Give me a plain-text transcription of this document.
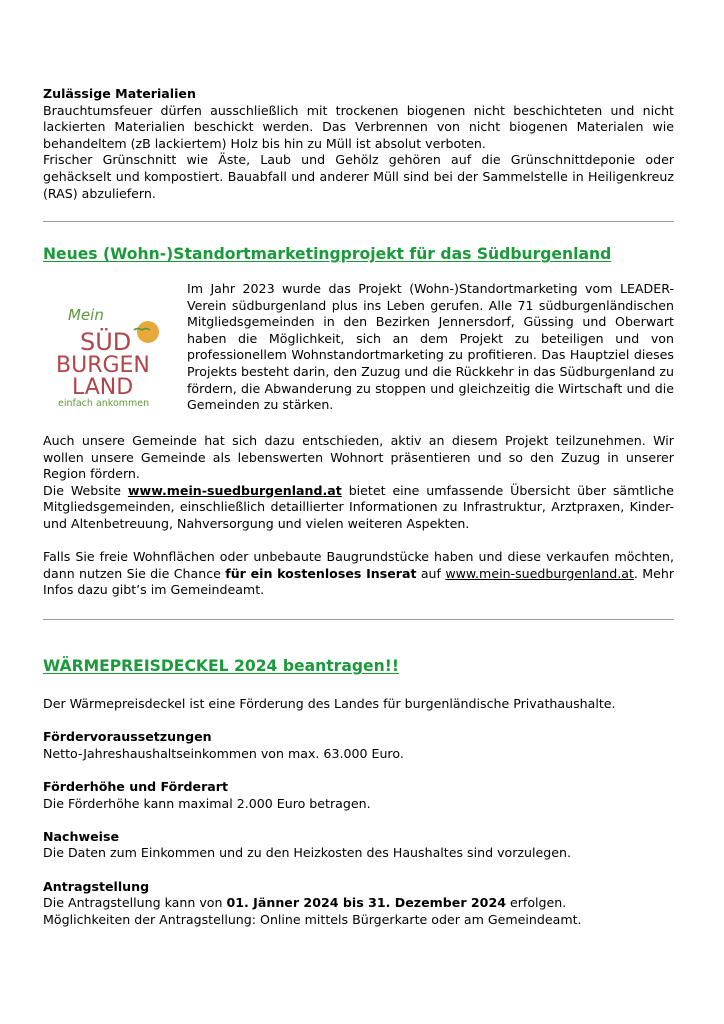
Zulässige Materialien

Brauchtumsfeuer dürfen ausschließlich mit trockenen biogenen nicht beschichteten und nicht lackierten Materialien beschickt werden. Das Verbrennen von nicht biogenen Materialen wie behandeltem (zB lackiertem) Holz bis hin zu Müll ist absolut verboten.

Frischer Grünschnitt wie Äste, Laub und Gehölz gehören auf die Grünschnittdeponie oder gehäckselt und kompostiert. Bauabfall und anderer Müll sind bei der Sammelstelle in Heiligenkreuz (RAS) abzuliefern.

Neues (Wohn-)Standortmarketingprojekt für das Südburgenland
Mein
SÜD
BURGEN
LAND
einfach ankommen

Im Jahr 2023 wurde das Projekt (Wohn-)Standortmarketing vom LEADER-Verein südburgenland plus ins Leben gerufen. Alle 71 südburgenländischen Mitgliedsgemeinden in den Bezirken Jennersdorf, Güssing und Oberwart haben die Möglichkeit, sich an dem Projekt zu beteiligen und von professionellem Wohnstandortmarketing zu profitieren. Das Hauptziel dieses Projekts besteht darin, den Zuzug und die Rückkehr in das Südburgenland zu fördern, die Abwanderung zu stoppen und gleichzeitig die Wirtschaft und die Gemeinden zu stärken.

Auch unsere Gemeinde hat sich dazu entschieden, aktiv an diesem Projekt teilzunehmen. Wir wollen unsere Gemeinde als lebenswerten Wohnort präsentieren und so den Zuzug in unserer Region fördern.

Die Website www.mein-suedburgenland.at bietet eine umfassende Übersicht über sämtliche Mitgliedsgemeinden, einschließlich detaillierter Informationen zu Infrastruktur, Arztpraxen, Kinder- und Altenbetreuung, Nahversorgung und vielen weiteren Aspekten.

Falls Sie freie Wohnflächen oder unbebaute Baugrundstücke haben und diese verkaufen möchten, dann nutzen Sie die Chance für ein kostenloses Inserat auf www.mein-suedburgenland.at. Mehr Infos dazu gibt’s im Gemeindeamt.

WÄRMEPREISDECKEL 2024 beantragen!!

Der Wärmepreisdeckel ist eine Förderung des Landes für burgenländische Privathaushalte.

Fördervoraussetzungen

Netto-Jahreshaushaltseinkommen von max. 63.000 Euro.

Förderhöhe und Förderart

Die Förderhöhe kann maximal 2.000 Euro betragen.

Nachweise

Die Daten zum Einkommen und zu den Heizkosten des Haushaltes sind vorzulegen.

Antragstellung

Die Antragstellung kann von 01. Jänner 2024 bis 31. Dezember 2024 erfolgen.

Möglichkeiten der Antragstellung: Online mittels Bürgerkarte oder am Gemeindeamt.
